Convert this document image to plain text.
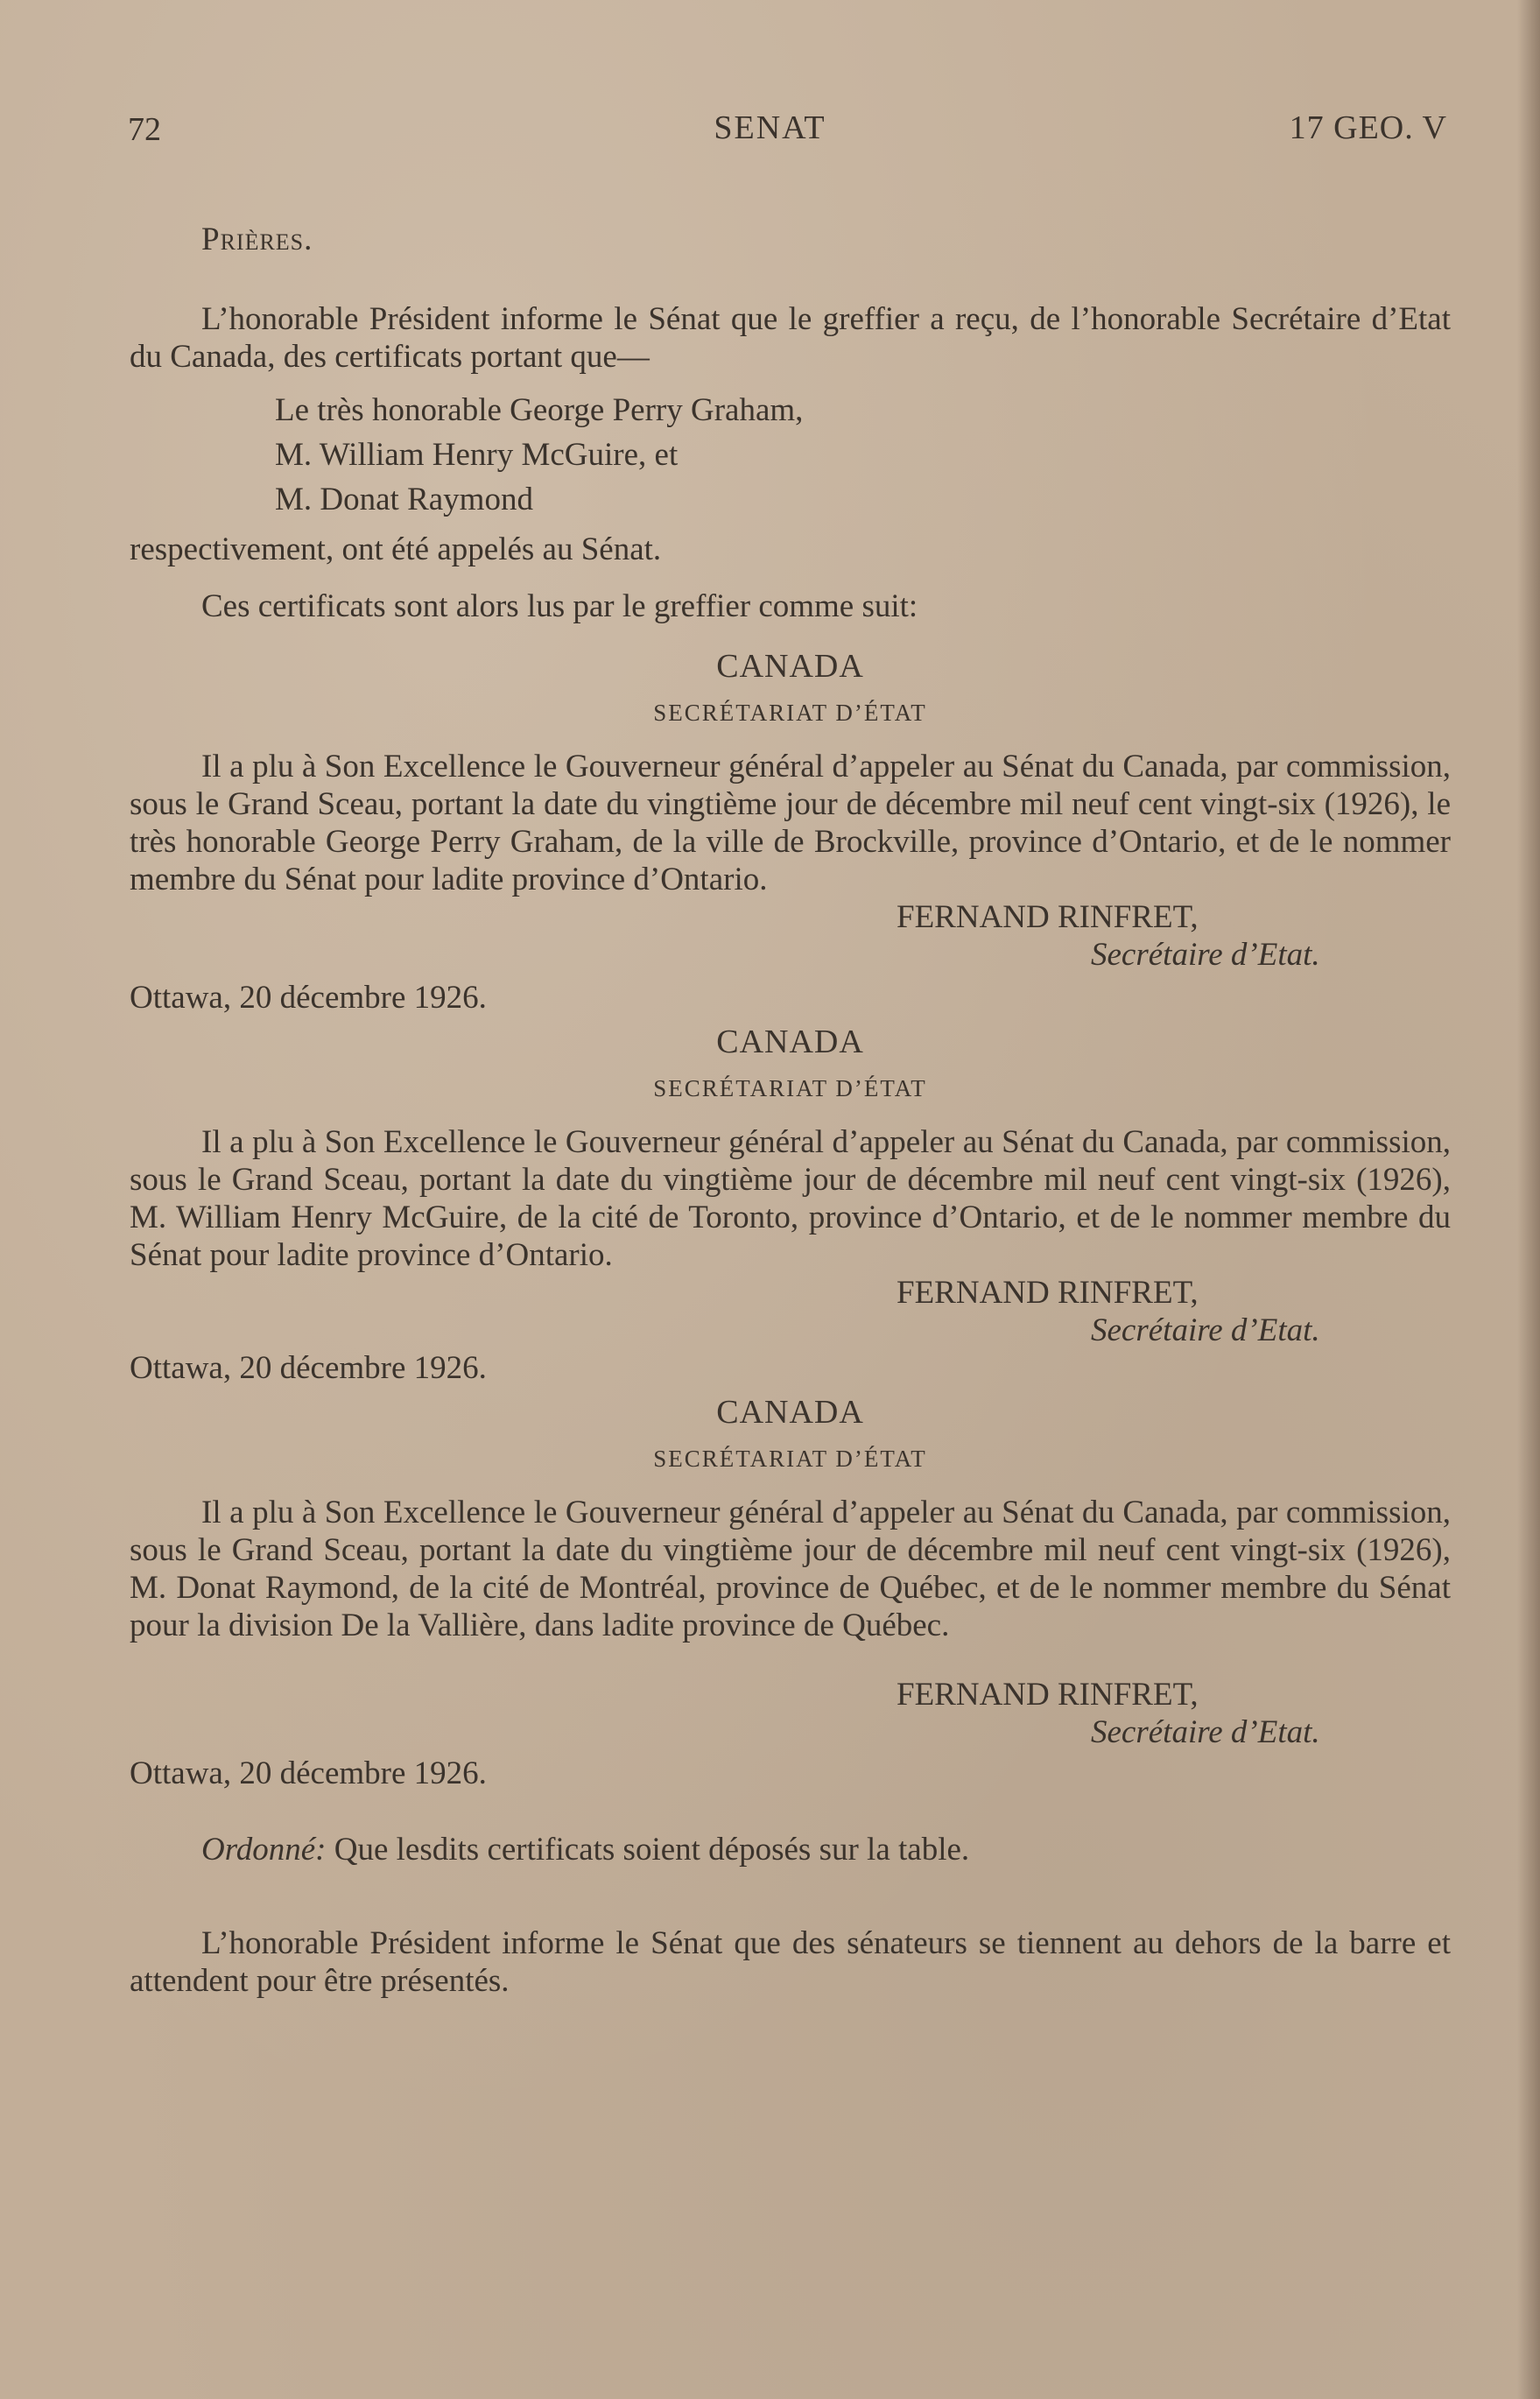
72	SENAT	17 GEO. V

Prières.

L’honorable Président informe le Sénat que le greffier a reçu, de l’honorable Secrétaire d’Etat du Canada, des certificats portant que—

Le très honorable George Perry Graham,
M. William Henry McGuire, et
M. Donat Raymond

respectivement, ont été appelés au Sénat.

Ces certificats sont alors lus par le greffier comme suit:

CANADA

SECRÉTARIAT D’ÉTAT

Il a plu à Son Excellence le Gouverneur général d’appeler au Sénat du Canada, par commission, sous le Grand Sceau, portant la date du vingtième jour de décembre mil neuf cent vingt-six (1926), le très honorable George Perry Graham, de la ville de Brockville, province d’Ontario, et de le nommer membre du Sénat pour ladite province d’Ontario.

FERNAND RINFRET,

Secrétaire d’Etat.

Ottawa, 20 décembre 1926.

CANADA

SECRÉTARIAT D’ÉTAT

Il a plu à Son Excellence le Gouverneur général d’appeler au Sénat du Canada, par commission, sous le Grand Sceau, portant la date du vingtième jour de décembre mil neuf cent vingt-six (1926), M. William Henry McGuire, de la cité de Toronto, province d’Ontario, et de le nommer membre du Sénat pour ladite province d’Ontario.

FERNAND RINFRET,

Secrétaire d’Etat.

Ottawa, 20 décembre 1926.

CANADA

SECRÉTARIAT D’ÉTAT

Il a plu à Son Excellence le Gouverneur général d’appeler au Sénat du Canada, par commission, sous le Grand Sceau, portant la date du vingtième jour de décembre mil neuf cent vingt-six (1926), M. Donat Raymond, de la cité de Montréal, province de Québec, et de le nommer membre du Sénat pour la division De la Vallière, dans ladite province de Québec.

FERNAND RINFRET,

Secrétaire d’Etat.

Ottawa, 20 décembre 1926.

Ordonné: Que lesdits certificats soient déposés sur la table.

L’honorable Président informe le Sénat que des sénateurs se tiennent au dehors de la barre et attendent pour être présentés.
